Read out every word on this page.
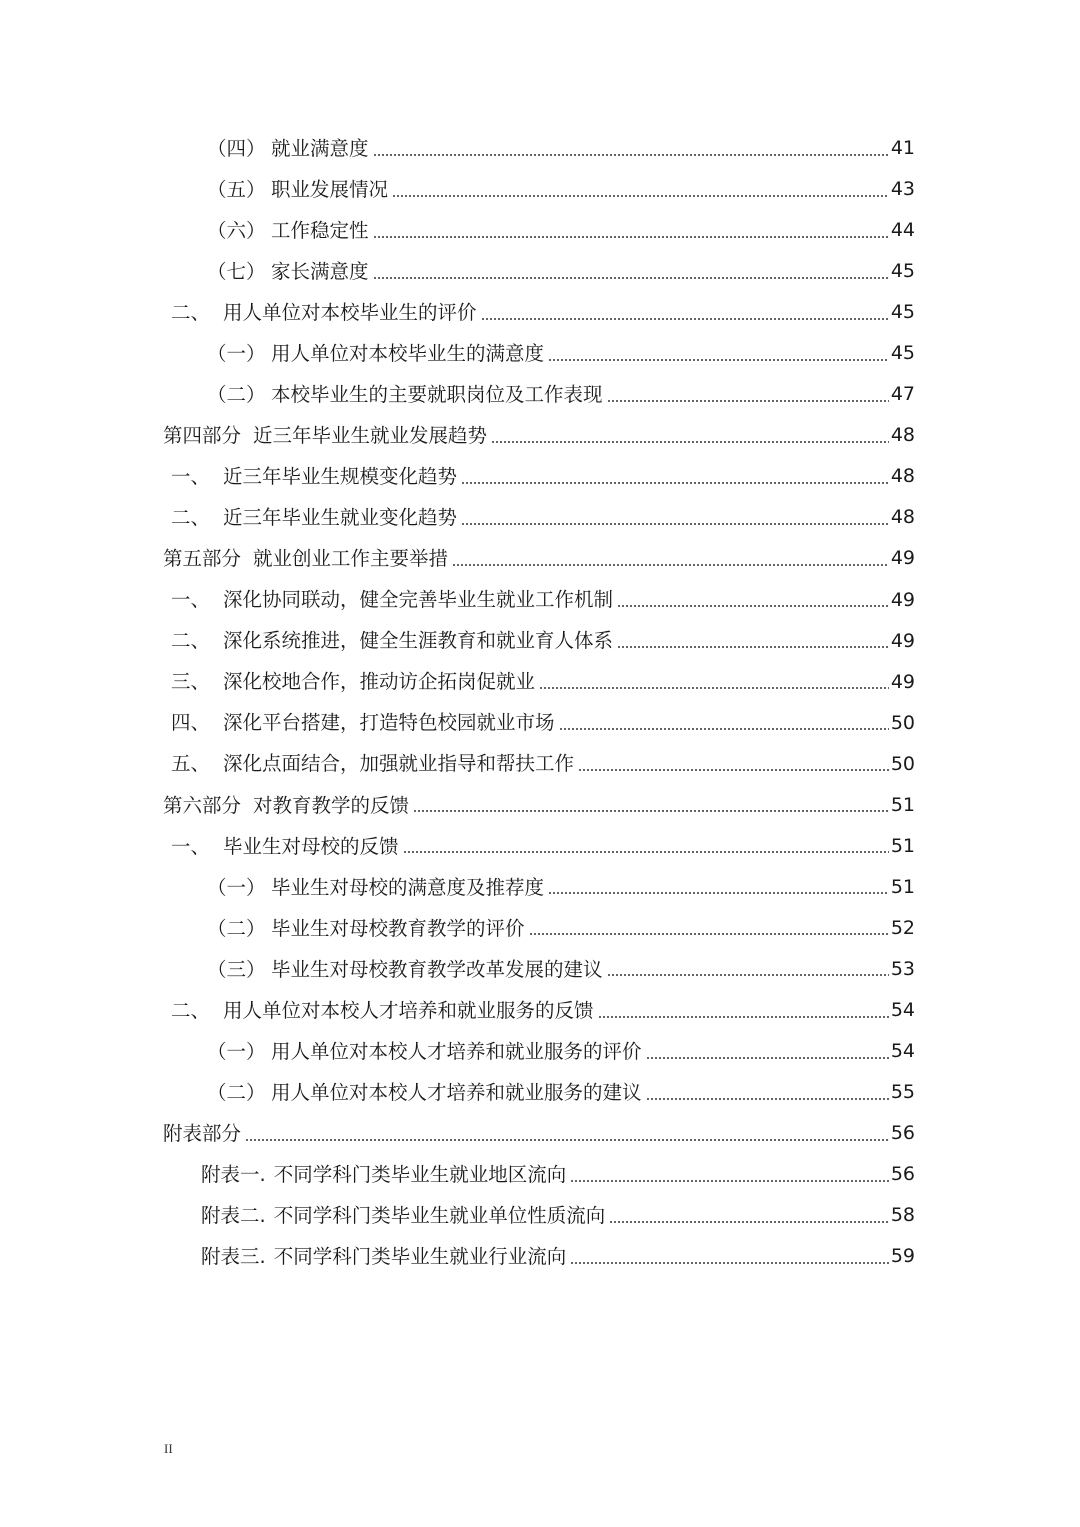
（四） 就业满意度	41
（五） 职业发展情况	43
（六） 工作稳定性	44
（七） 家长满意度	45
二、 用人单位对本校毕业生的评价	45
（一） 用人单位对本校毕业生的满意度	45
（二） 本校毕业生的主要就职岗位及工作表现	47
第四部分 近三年毕业生就业发展趋势	48
一、 近三年毕业生规模变化趋势	48
二、 近三年毕业生就业变化趋势	48
第五部分 就业创业工作主要举措	49
一、 深化协同联动，健全完善毕业生就业工作机制	49
二、 深化系统推进，健全生涯教育和就业育人体系	49
三、 深化校地合作，推动访企拓岗促就业	49
四、 深化平台搭建，打造特色校园就业市场	50
五、 深化点面结合，加强就业指导和帮扶工作	50
第六部分 对教育教学的反馈	51
一、 毕业生对母校的反馈	51
（一） 毕业生对母校的满意度及推荐度	51
（二） 毕业生对母校教育教学的评价	52
（三） 毕业生对母校教育教学改革发展的建议	53
二、 用人单位对本校人才培养和就业服务的反馈	54
（一） 用人单位对本校人才培养和就业服务的评价	54
（二） 用人单位对本校人才培养和就业服务的建议	55
附表部分	56
附表一. 不同学科门类毕业生就业地区流向	56
附表二. 不同学科门类毕业生就业单位性质流向	58
附表三. 不同学科门类毕业生就业行业流向	59
II
